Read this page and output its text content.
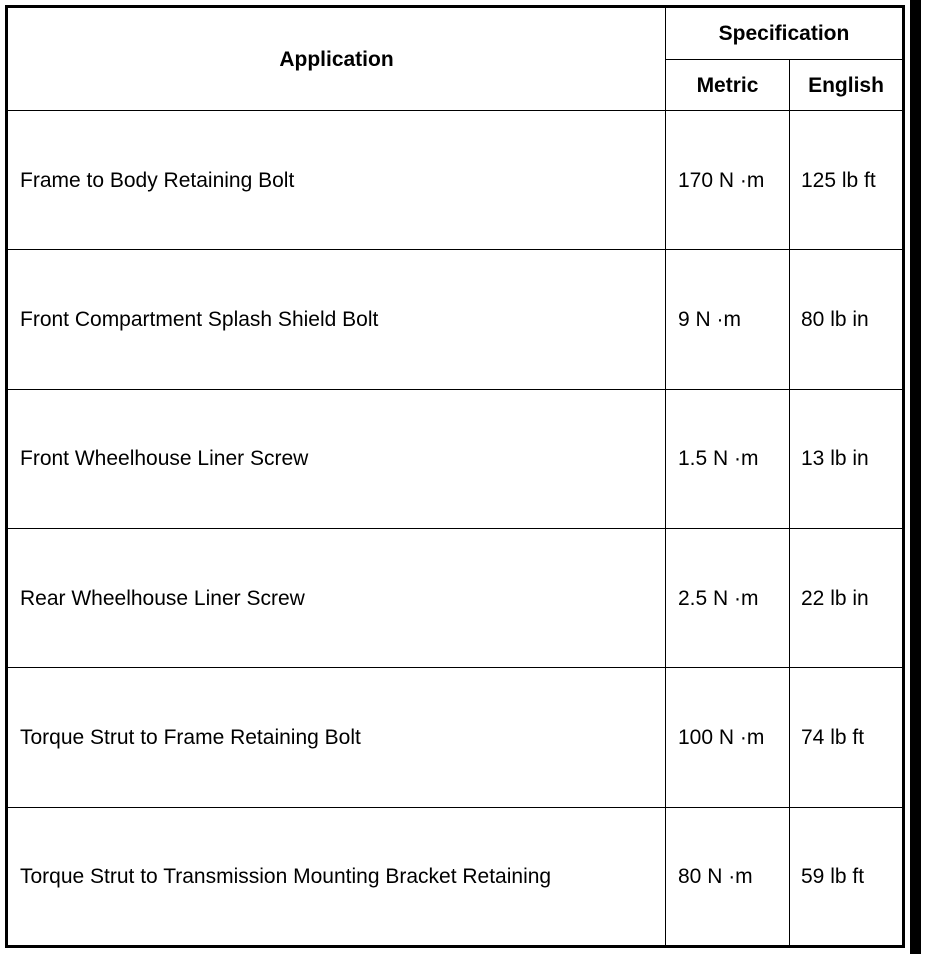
Application	Specification	
	Metric	English
Frame to Body Retaining Bolt	170 N ·m	125 lb ft
Front Compartment Splash Shield Bolt	9 N ·m	80 lb in
Front Wheelhouse Liner Screw	1.5 N ·m	13 lb in
Rear Wheelhouse Liner Screw	2.5 N ·m	22 lb in
Torque Strut to Frame Retaining Bolt	100 N ·m	74 lb ft
Torque Strut to Transmission Mounting Bracket Retaining	80 N ·m	59 lb ft
